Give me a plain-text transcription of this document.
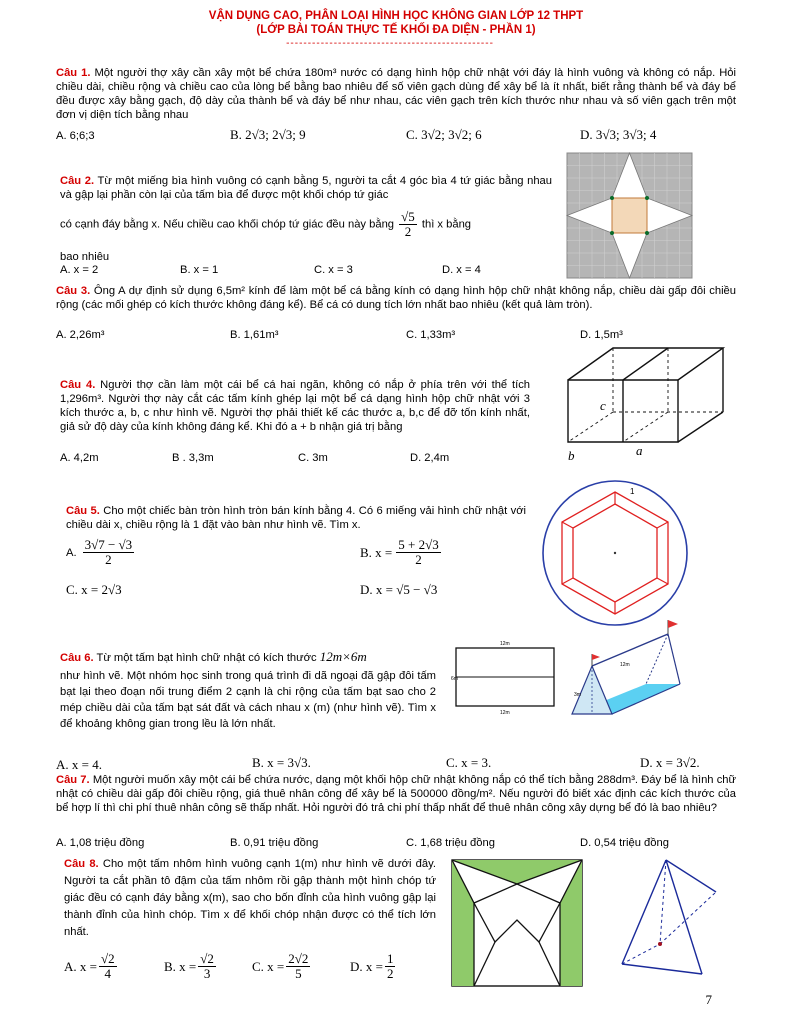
VẬN DỤNG CAO, PHÂN LOẠI HÌNH HỌC KHÔNG GIAN LỚP 12 THPT
(LỚP BÀI TOÁN THỰC TẾ KHỐI ĐA DIỆN - PHẦN 1)
------------------------------------------------
Câu 1. Một người thợ xây cần xây một bể chứa 180m³ nước có dạng hình hộp chữ nhật với đáy là hình vuông và không có nắp. Hỏi chiều dài, chiều rộng và chiều cao của lòng bể bằng bao nhiêu để số viên gạch dùng để xây bể là ít nhất, biết rằng thành bể và đáy bể đều được xây bằng gạch, độ dày của thành bể và đáy bể như nhau, các viên gạch trên kích thước như nhau và số viên gạch trên một đơn vị diện tích bằng nhau
A. 6;6;3	B. 2√3; 2√3; 9	C. 3√2; 3√2; 6	D. 3√3; 3√3; 4
Câu 2. Từ một miếng bìa hình vuông có cạnh bằng 5, người ta cắt 4 góc bìa 4 tứ giác bằng nhau và gập lại phần còn lại của tấm bìa để được một khối chóp tứ giác
có cạnh đáy bằng x. Nếu chiều cao khối chóp tứ giác đều này bằng $\frac{√5}{2}$ thì x bằng
bao nhiêu
A. x = 2	B. x = 1	C. x = 3	D. x = 4
Câu 3. Ông A dự định sử dụng 6,5m² kính để làm một bể cá bằng kính có dạng hình hộp chữ nhật không nắp, chiều dài gấp đôi chiều rộng (các mối ghép có kích thước không đáng kể). Bể cá có dung tích lớn nhất bao nhiêu (kết quả làm tròn).
A. 2,26m³	B. 1,61m³	C. 1,33m³	D. 1,5m³
Câu 4. Người thợ cần làm một cái bể cá hai ngăn, không có nắp ở phía trên với thể tích 1,296m³. Người thợ này cắt các tấm kính ghép lại một bể cá dạng hình hộp chữ nhật với 3 kích thước a, b, c như hình vẽ. Người thợ phải thiết kế các thước a, b,c để đỡ tốn kính nhất, giả sử độ dày của kính không đáng kể. Khi đó a + b nhận giá trị bằng
A. 4,2m	B . 3,3m	C. 3m	D. 2,4m
c
b	a
Câu 5. Cho một chiếc bàn tròn hình tròn bán kính bằng 4. Có 6 miếng vải hình chữ nhật với chiều dài x, chiều rộng là 1 đặt vào bàn như hình vẽ. Tìm x.
A. $\frac{3√7 - √3}{2}$	B. $x = \frac{5 + 2√3}{2}$
C. x = 2√3	D. x = √5 − √3
1
Câu 6. Từ một tấm bạt hình chữ nhật có kích thước 12m×6m
như hình vẽ. Một nhóm học sinh trong quá trình đi dã ngoại đã gập đôi tấm bạt lại theo đoạn nối trung điểm 2 cạnh là chi rộng của tấm bạt sao cho 2 mép chiều dài của tấm bạt sát đất và cách nhau x (m) (như hình vẽ). Tìm x để khoảng không gian trong lều là lớn nhất.
A. x = 4.	B. x = 3√3.	C. x = 3.	D. x = 3√2.
12m
12m
6m
12m
3m
Câu 7. Một người muốn xây một cái bể chứa nước, dạng một khối hộp chữ nhật không nắp có thể tích bằng 288dm³. Đáy bể là hình chữ nhật có chiều dài gấp đôi chiều rộng, giá thuê nhân công để xây bể là 500000 đồng/m². Nếu người đó biết xác định các kích thước của bể hợp lí thì chi phí thuê nhân công sẽ thấp nhất. Hỏi người đó trả chi phí thấp nhất để thuê nhân công xây dựng bể đó là bao nhiêu?
A. 1,08 triệu đồng	B. 0,91 triệu đồng	C. 1,68 triệu đồng	D. 0,54 triệu đồng
Câu 8. Cho một tấm nhôm hình vuông cạnh 1(m) như hình vẽ dưới đây. Người ta cắt phần tô đậm của tấm nhôm rồi gập thành một hình chóp tứ giác đều có cạnh đáy bằng x(m), sao cho bốn đỉnh của hình vuông gập lại thành đỉnh của hình chóp. Tìm x để khối chóp nhận được có thể tích lớn nhất.
A. $x = \frac{√2}{4}$	B. $x = \frac{√2}{3}$	C. $x = \frac{2√2}{5}$	D. $x = \frac{1}{2}$
7
